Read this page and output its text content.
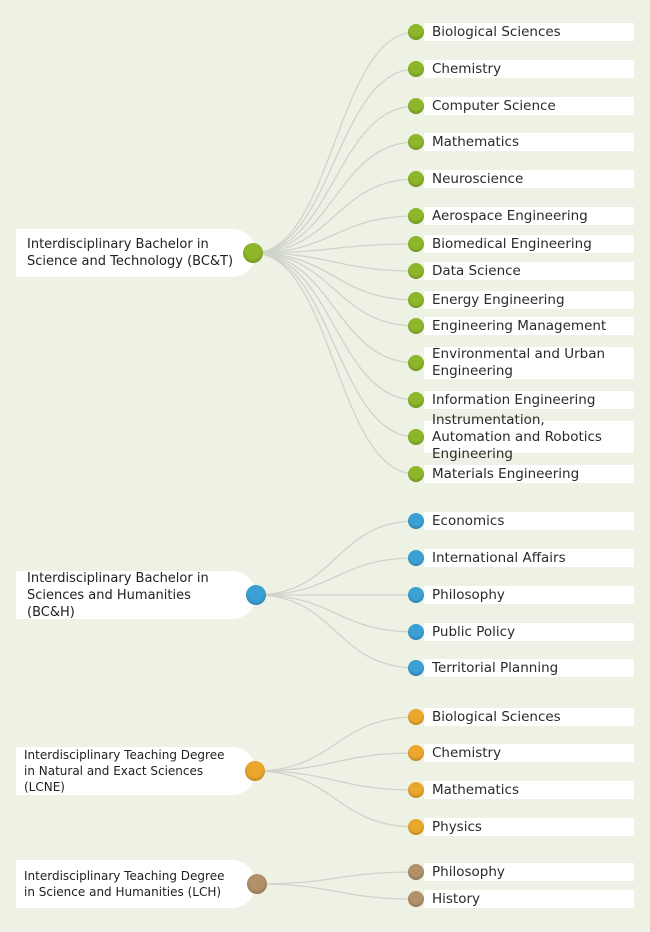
Interdisciplinary Bachelor in Science and Technology (BC&T)
Biological Sciences
Chemistry
Computer Science
Mathematics
Neuroscience
Aerospace Engineering
Biomedical Engineering
Data Science
Energy Engineering
Engineering Management
Environmental and Urban Engineering
Information Engineering
Instrumentation, Automation and Robotics Engineering
Materials Engineering
Interdisciplinary Bachelor in Sciences and Humanities (BC&H)
Economics
International Affairs
Philosophy
Public Policy
Territorial Planning
Interdisciplinary Teaching Degree in Natural and Exact Sciences (LCNE)
Biological Sciences
Chemistry
Mathematics
Physics
Interdisciplinary Teaching Degree in Science and Humanities (LCH)
Philosophy
History
